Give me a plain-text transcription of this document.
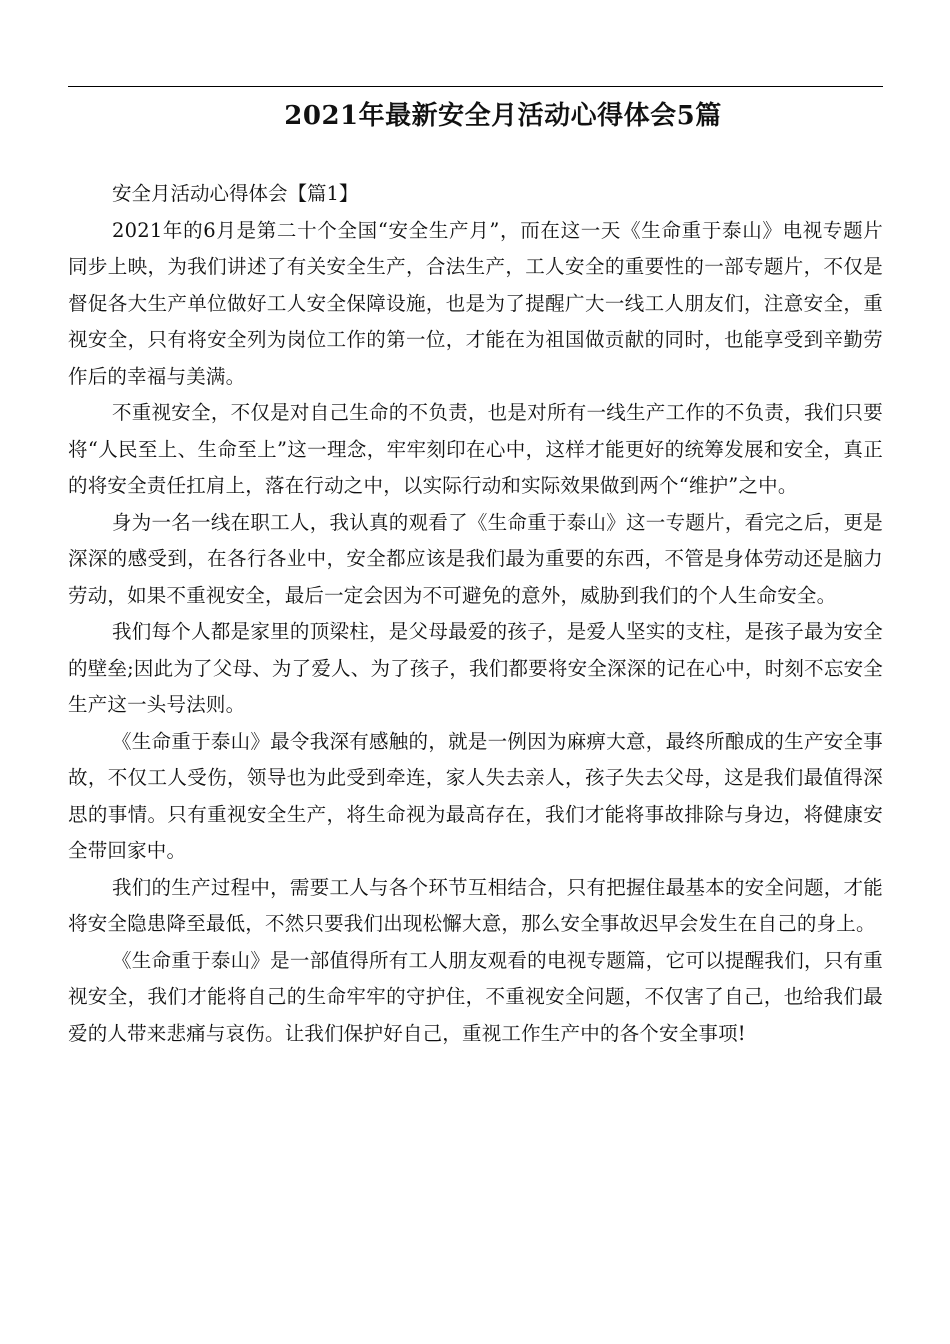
2021年最新安全月活动心得体会5篇

安全月活动心得体会【篇1】

2021年的6月是第二十个全国“安全生产月”，而在这一天《生命重于泰山》电视专题片同步上映，为我们讲述了有关安全生产，合法生产，工人安全的重要性的一部专题片，不仅是督促各大生产单位做好工人安全保障设施，也是为了提醒广大一线工人朋友们，注意安全，重视安全，只有将安全列为岗位工作的第一位，才能在为祖国做贡献的同时，也能享受到辛勤劳作后的幸福与美满。

不重视安全，不仅是对自己生命的不负责，也是对所有一线生产工作的不负责，我们只要将“人民至上、生命至上”这一理念，牢牢刻印在心中，这样才能更好的统筹发展和安全，真正的将安全责任扛肩上，落在行动之中，以实际行动和实际效果做到两个“维护”之中。

身为一名一线在职工人，我认真的观看了《生命重于泰山》这一专题片，看完之后，更是深深的感受到，在各行各业中，安全都应该是我们最为重要的东西，不管是身体劳动还是脑力劳动，如果不重视安全，最后一定会因为不可避免的意外，威胁到我们的个人生命安全。

我们每个人都是家里的顶梁柱，是父母最爱的孩子，是爱人坚实的支柱，是孩子最为安全的壁垒;因此为了父母、为了爱人、为了孩子，我们都要将安全深深的记在心中，时刻不忘安全生产这一头号法则。

《生命重于泰山》最令我深有感触的，就是一例因为麻痹大意，最终所酿成的生产安全事故，不仅工人受伤，领导也为此受到牵连，家人失去亲人，孩子失去父母，这是我们最值得深思的事情。只有重视安全生产，将生命视为最高存在，我们才能将事故排除与身边，将健康安全带回家中。

我们的生产过程中，需要工人与各个环节互相结合，只有把握住最基本的安全问题，才能将安全隐患降至最低，不然只要我们出现松懈大意，那么安全事故迟早会发生在自己的身上。

《生命重于泰山》是一部值得所有工人朋友观看的电视专题篇，它可以提醒我们，只有重视安全，我们才能将自己的生命牢牢的守护住，不重视安全问题，不仅害了自己，也给我们最爱的人带来悲痛与哀伤。让我们保护好自己，重视工作生产中的各个安全事项!
